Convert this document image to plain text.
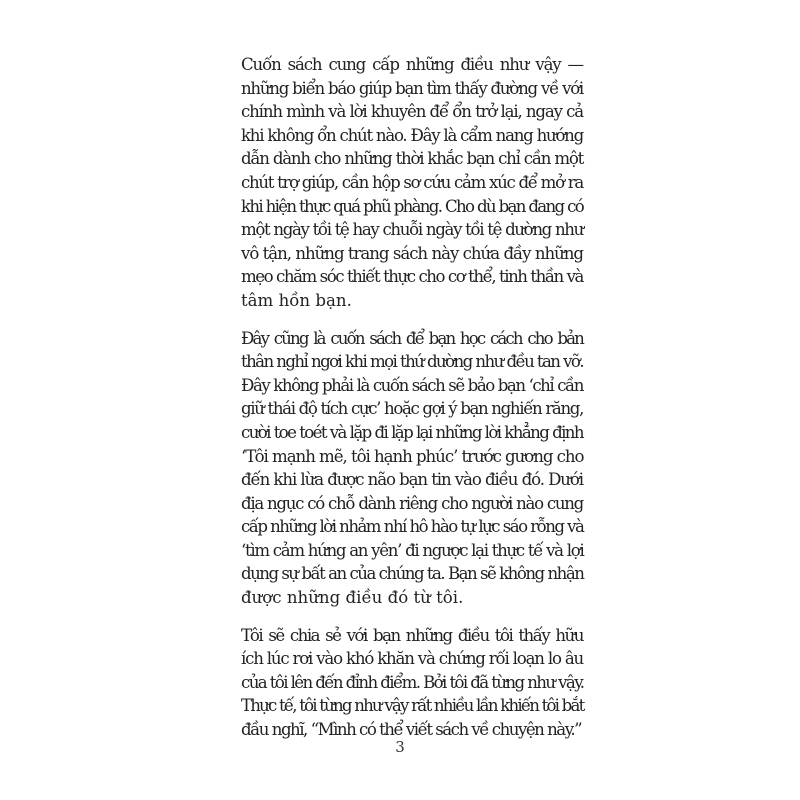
Cuốn sách cung cấp những điều như vậy —
những biển báo giúp bạn tìm thấy đường về với
chính mình và lời khuyên để ổn trở lại, ngay cả
khi không ổn chút nào. Đây là cẩm nang hướng
dẫn dành cho những thời khắc bạn chỉ cần một
chút trợ giúp, cần hộp sơ cứu cảm xúc để mở ra
khi hiện thực quá phũ phàng. Cho dù bạn đang có
một ngày tồi tệ hay chuỗi ngày tồi tệ dường như
vô tận, những trang sách này chứa đầy những
mẹo chăm sóc thiết thực cho cơ thể, tinh thần và
tâm hồn bạn.

Đây cũng là cuốn sách để bạn học cách cho bản
thân nghỉ ngơi khi mọi thứ dường như đều tan vỡ.
Đây không phải là cuốn sách sẽ bảo bạn ‘chỉ cần
giữ thái độ tích cực’ hoặc gợi ý bạn nghiến răng,
cười toe toét và lặp đi lặp lại những lời khẳng định
‘Tôi mạnh mẽ, tôi hạnh phúc’ trước gương cho
đến khi lừa được não bạn tin vào điều đó. Dưới
địa ngục có chỗ dành riêng cho người nào cung
cấp những lời nhảm nhí hô hào tự lực sáo rỗng và
‘tìm cảm hứng an yên’ đi ngược lại thực tế và lợi
dụng sự bất an của chúng ta. Bạn sẽ không nhận
được những điều đó từ tôi.

Tôi sẽ chia sẻ với bạn những điều tôi thấy hữu
ích lúc rơi vào khó khăn và chứng rối loạn lo âu
của tôi lên đến đỉnh điểm. Bởi tôi đã từng như vậy.
Thực tế, tôi từng như vậy rất nhiều lần khiến tôi bắt
đầu nghĩ, “Mình có thể viết sách về chuyện này.”

3
